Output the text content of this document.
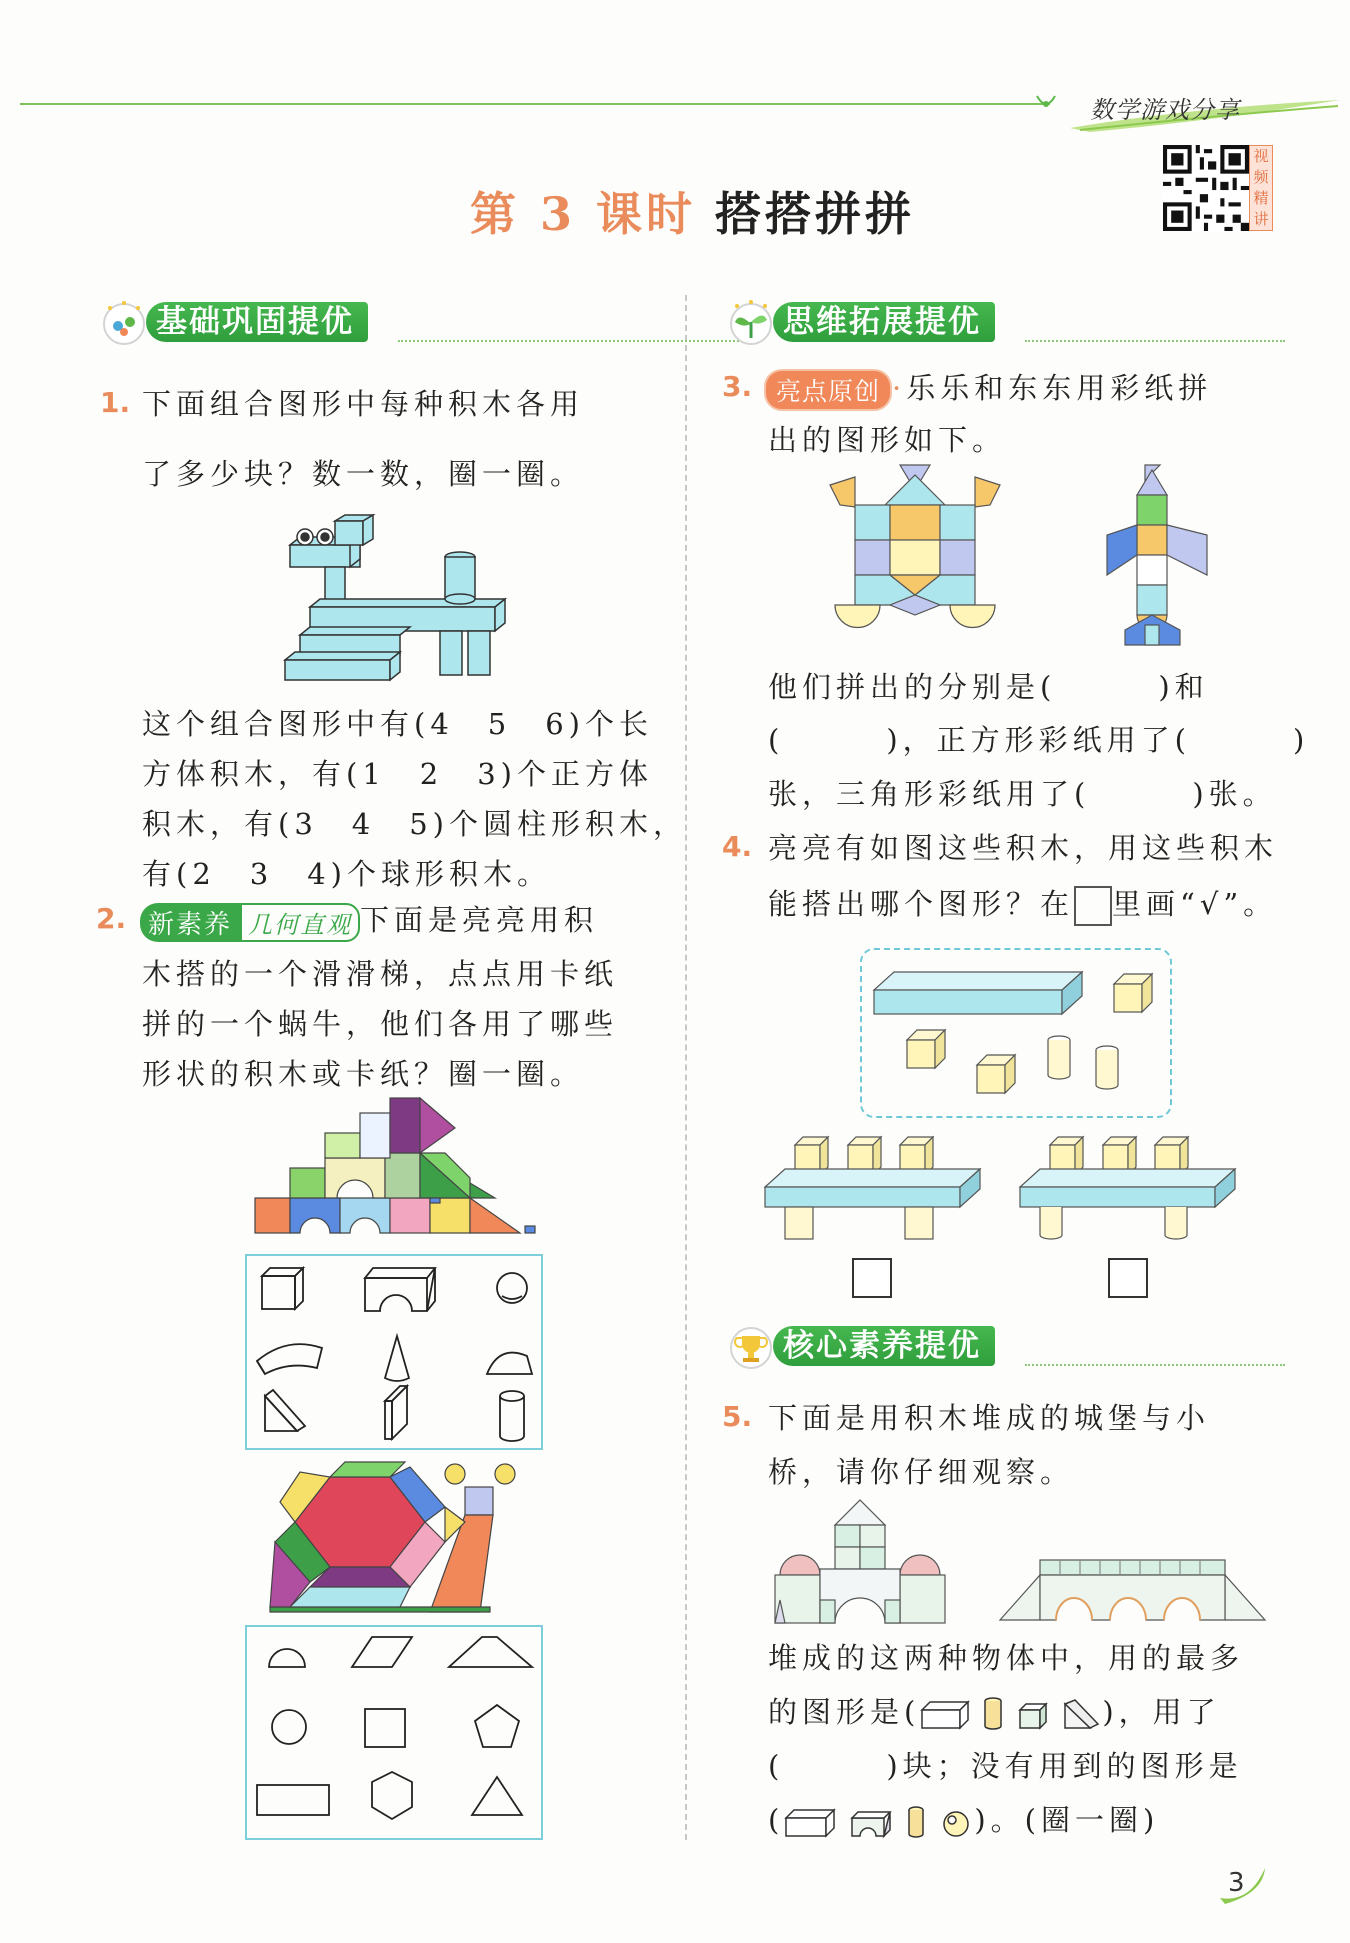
数学游戏分享
第 3 课时 搭搭拼拼
视
频
精
讲
基础巩固提优
1. 下面组合图形中每种积木各用
了多少块？数一数，圈一圈。
这个组合图形中有(4　5　6)个长
方体积木，有(1　2　3)个正方体
积木，有(3　4　5)个圆柱形积木，
有(2　3　4)个球形积木。
2. 新素养 几何直观 下面是亮亮用积
木搭的一个滑滑梯，点点用卡纸
拼的一个蜗牛，他们各用了哪些
形状的积木或卡纸？圈一圈。
思维拓展提优
3. 亮点原创 ·乐乐和东东用彩纸拼
出的图形如下。
他们拼出的分别是(　　　)和
(　　　)，正方形彩纸用了(　　　)
张，三角形彩纸用了(　　　)张。
4. 亮亮有如图这些积木，用这些积木
能搭出哪个图形？在 里画“√”。
核心素养提优
5. 下面是用积木堆成的城堡与小
桥，请你仔细观察。
堆成的这两种物体中，用的最多
的图形是(	)，用了
(　　　)块；没有用到的图形是
(	)。(圈一圈)
3
